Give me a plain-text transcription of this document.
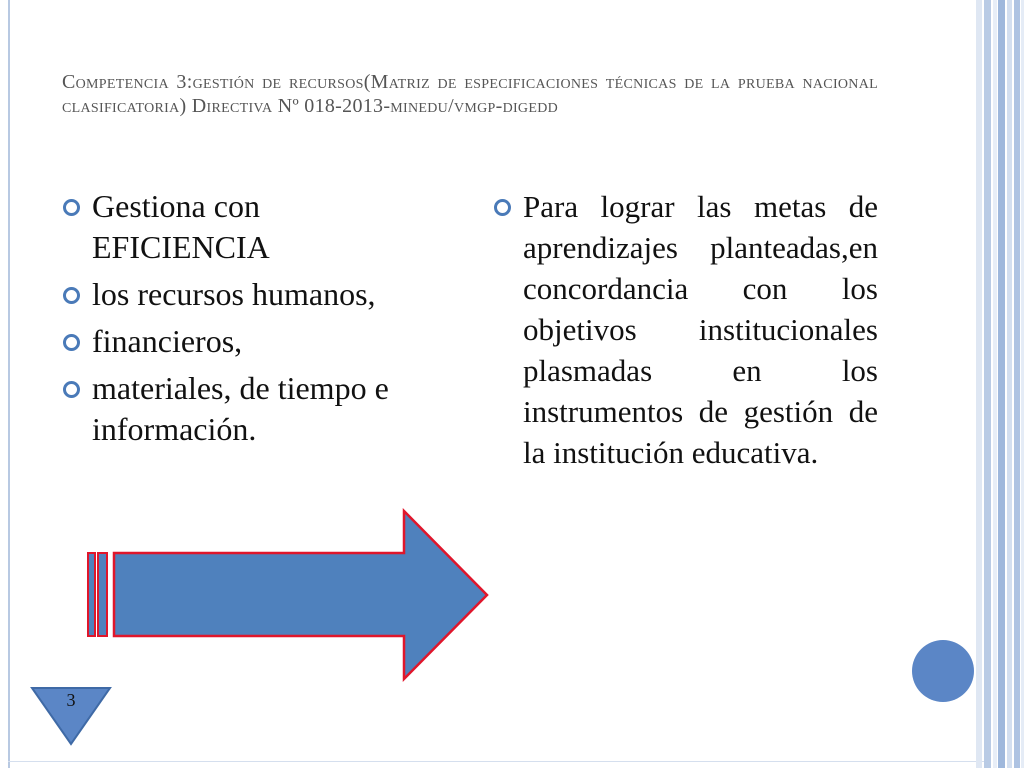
Competencia 3:gestión de recursos(Matriz de especificaciones técnicas de la prueba nacional clasificatoria) Directiva Nº 018-2013-minedu/vmgp-digedd
Gestiona con EFICIENCIA
los recursos humanos,
financieros,
materiales, de tiempo e información.
Para lograr las metas de aprendizajes planteadas,en concordancia con los objetivos institucionales plasmadas en los instrumentos de gestión de la institución educativa.
3
